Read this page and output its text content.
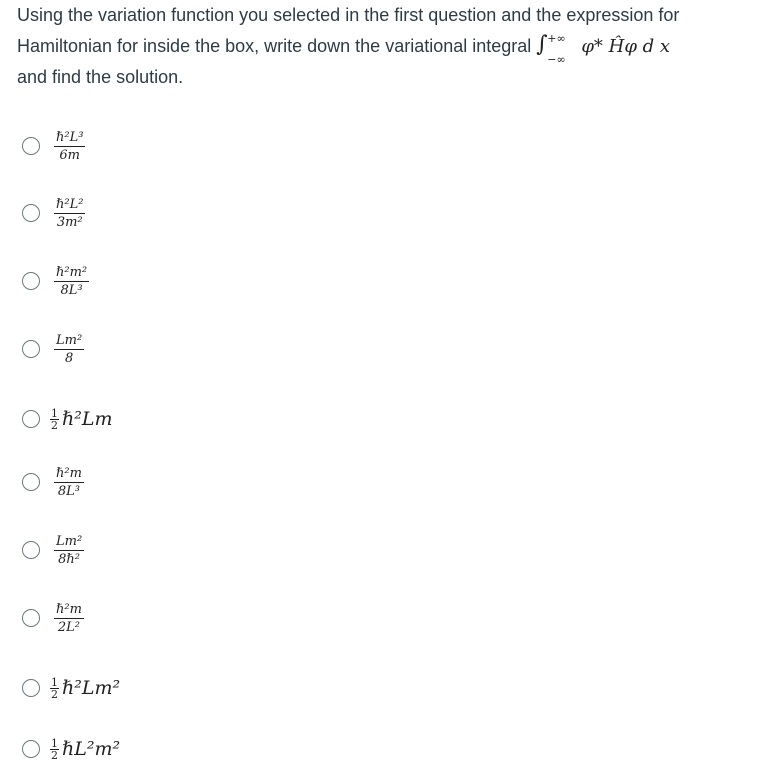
Using the variation function you selected in the first question and the expression for
Hamiltonian for inside the box, write down the variational integral ∫ +∞
−∞
φ* Ĥφ d x
and find the solution.
$\frac{\text{ℏ²L³}}{6m}$
$\frac{\text{ℏ²L²}}{\text{3m²}}$
$\frac{\text{ℏ²m²}}{\text{8L³}}$
$\frac{\text{Lm²}}{8}$
1
2 ℏ²Lm
$\frac{\text{ℏ²m}}{\text{8L³}}$
$\frac{\text{Lm²}}{\text{8ℏ²}}$
$\frac{\text{ℏ²m}}{\text{2L²}}$
1
2 ℏ²Lm²
1
2 ℏL²m²
